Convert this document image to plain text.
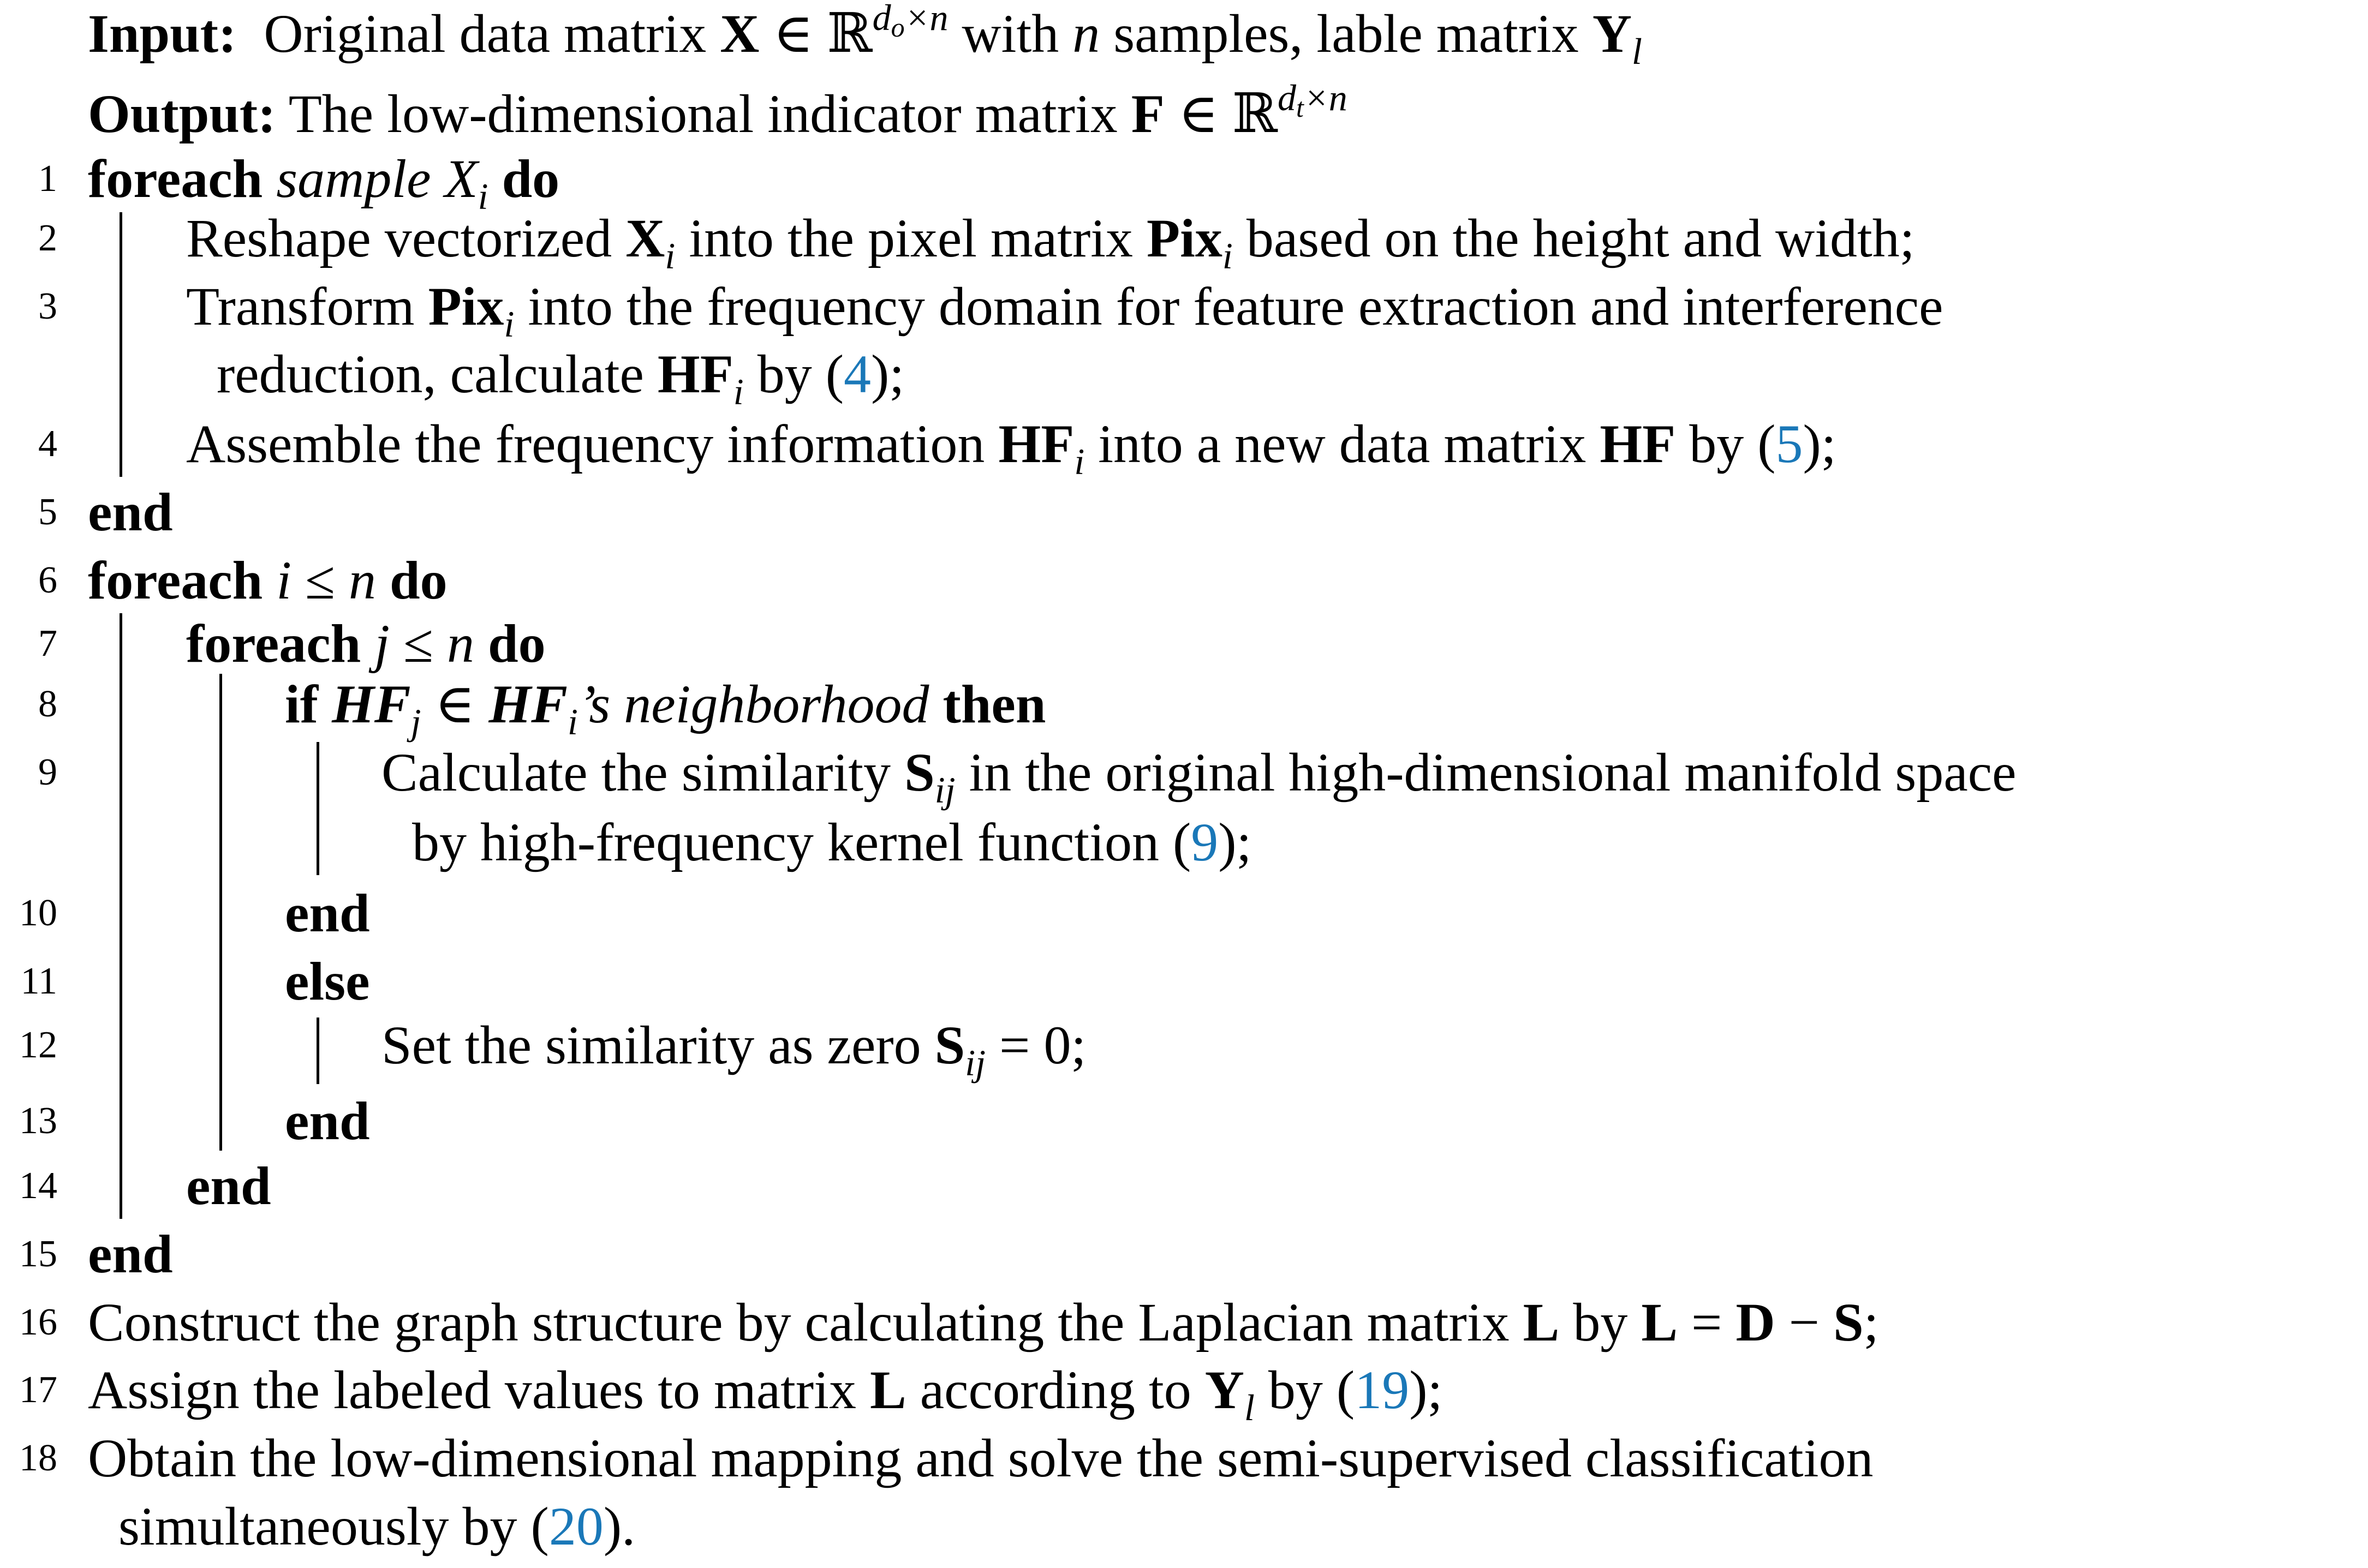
Input:  Original data matrix X ∈ ℝ$^{do\times n}$ with n samples, lable matrix $Y_l$
Output: The low-dimensional indicator matrix F ∈ ℝ$^{dt\times n}$
1 foreach sample $X_i$ do
2 Reshape vectorized $X_i$ into the pixel matrix Pix$_i$ based on the height and width;
3 Transform Pix$_i$ into the frequency domain for feature extraction and interference
reduction, calculate $HF_i$ by (4);
4 Assemble the frequency information $HF_i$ into a new data matrix HF by (5);
5 end
6 foreach i ≤ n do
7 foreach j ≤ n do
8	if $HF_j$ ∈ $HF_i’s$ neighborhood then
9	Calculate the similarity $S_{ij}$ in the original high-dimensional manifold space
by high-frequency kernel function (9);
10	end
11	else
12	Set the similarity as zero $S_{ij} = 0$;
13	end
14 end
15 end
16 Construct the graph structure by calculating the Laplacian matrix L by L = D − S;
17 Assign the labeled values to matrix L according to $Y_l$ by (19);
18 Obtain the low-dimensional mapping and solve the semi-supervised classification
simultaneously by (20).
